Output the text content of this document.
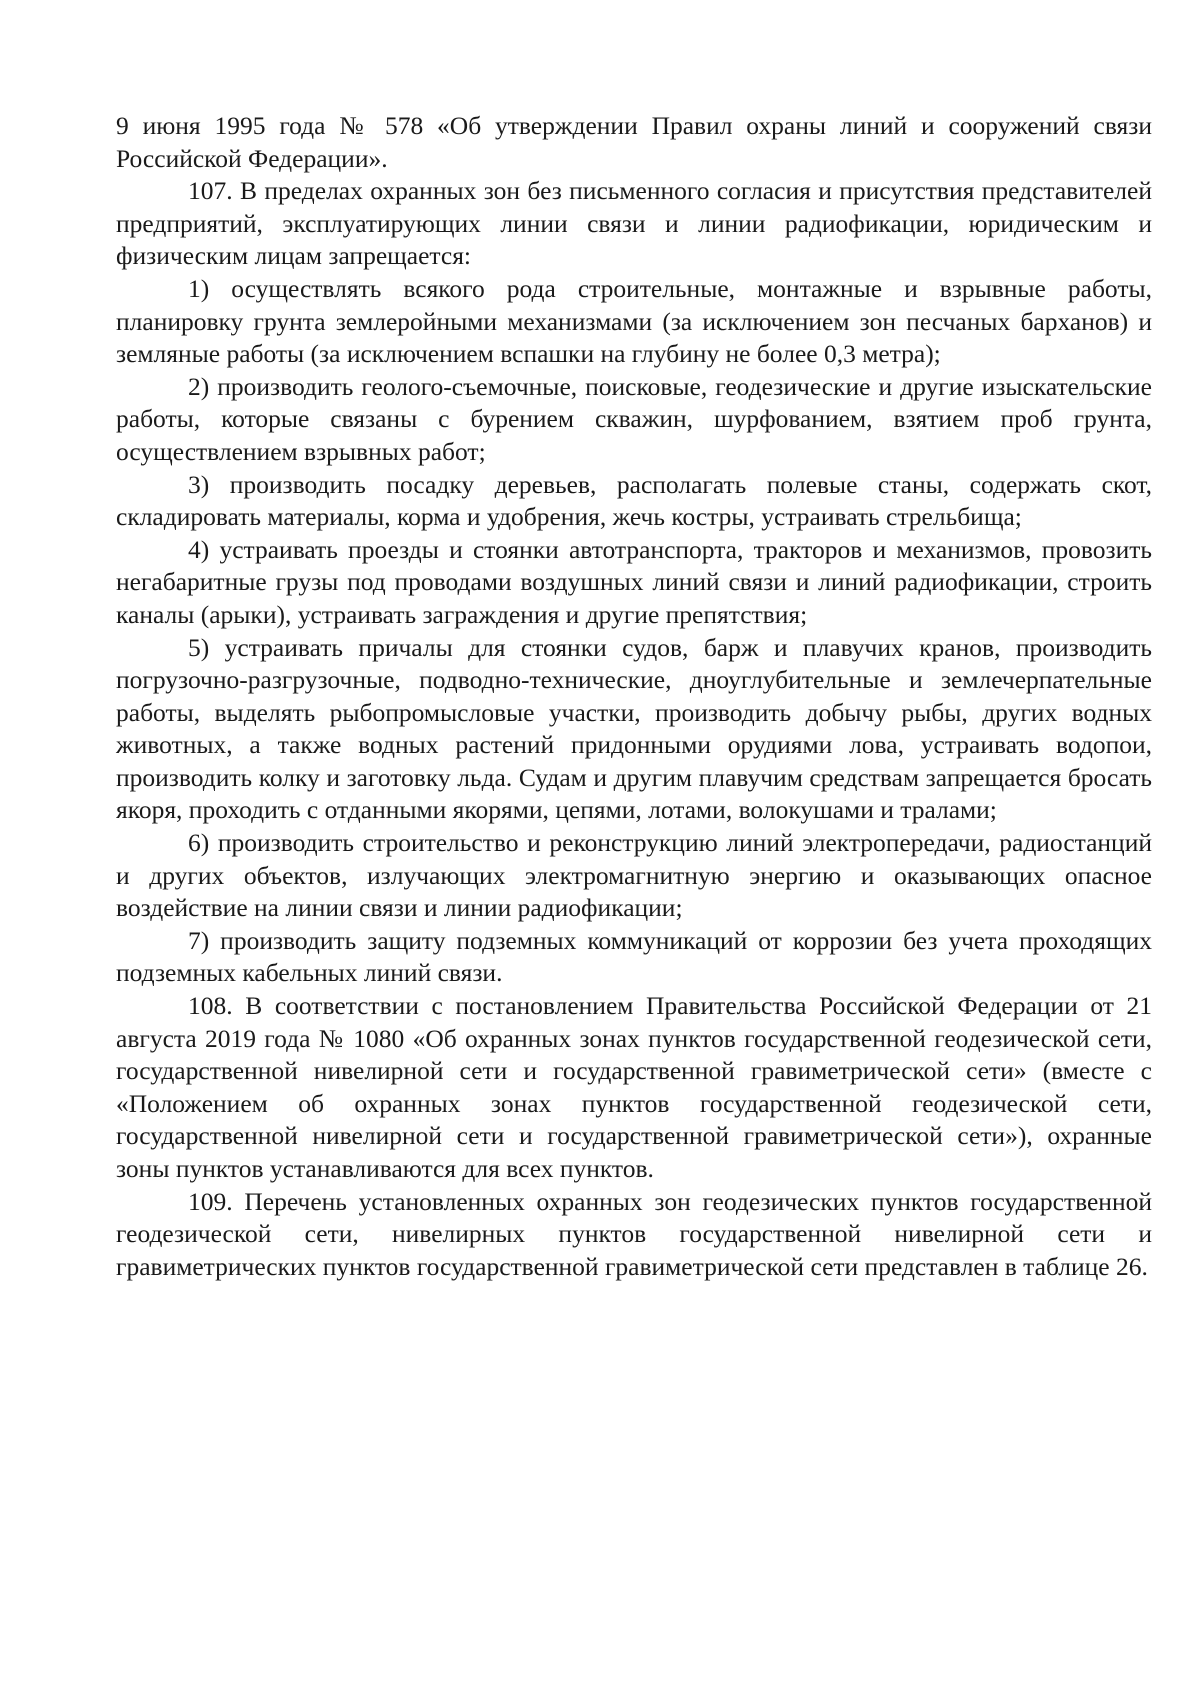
9 июня 1995 года № 578 «Об утверждении Правил охраны линий и сооружений связи Российской Федерации».

107. В пределах охранных зон без письменного согласия и присутствия представителей предприятий, эксплуатирующих линии связи и линии радиофикации, юридическим и физическим лицам запрещается:

1) осуществлять всякого рода строительные, монтажные и взрывные работы, планировку грунта землеройными механизмами (за исключением зон песчаных барханов) и земляные работы (за исключением вспашки на глубину не более 0,3 метра);

2) производить геолого-съемочные, поисковые, геодезические и другие изыскательские работы, которые связаны с бурением скважин, шурфованием, взятием проб грунта, осуществлением взрывных работ;

3) производить посадку деревьев, располагать полевые станы, содержать скот, складировать материалы, корма и удобрения, жечь костры, устраивать стрельбища;

4) устраивать проезды и стоянки автотранспорта, тракторов и механизмов, провозить негабаритные грузы под проводами воздушных линий связи и линий радиофикации, строить каналы (арыки), устраивать заграждения и другие препятствия;

5) устраивать причалы для стоянки судов, барж и плавучих кранов, производить погрузочно-разгрузочные, подводно-технические, дноуглубительные и землечерпательные работы, выделять рыбопромысловые участки, производить добычу рыбы, других водных животных, а также водных растений придонными орудиями лова, устраивать водопои, производить колку и заготовку льда. Судам и другим плавучим средствам запрещается бросать якоря, проходить с отданными якорями, цепями, лотами, волокушами и тралами;

6) производить строительство и реконструкцию линий электропередачи, радиостанций и других объектов, излучающих электромагнитную энергию и оказывающих опасное воздействие на линии связи и линии радиофикации;

7) производить защиту подземных коммуникаций от коррозии без учета проходящих подземных кабельных линий связи.

108. В соответствии с постановлением Правительства Российской Федерации от 21 августа 2019 года № 1080 «Об охранных зонах пунктов государственной геодезической сети, государственной нивелирной сети и государственной гравиметрической сети» (вместе с «Положением об охранных зонах пунктов государственной геодезической сети, государственной нивелирной сети и государственной гравиметрической сети»), охранные зоны пунктов устанавливаются для всех пунктов.

109. Перечень установленных охранных зон геодезических пунктов государственной геодезической сети, нивелирных пунктов государственной нивелирной сети и гравиметрических пунктов государственной гравиметрической сети представлен в таблице 26.
